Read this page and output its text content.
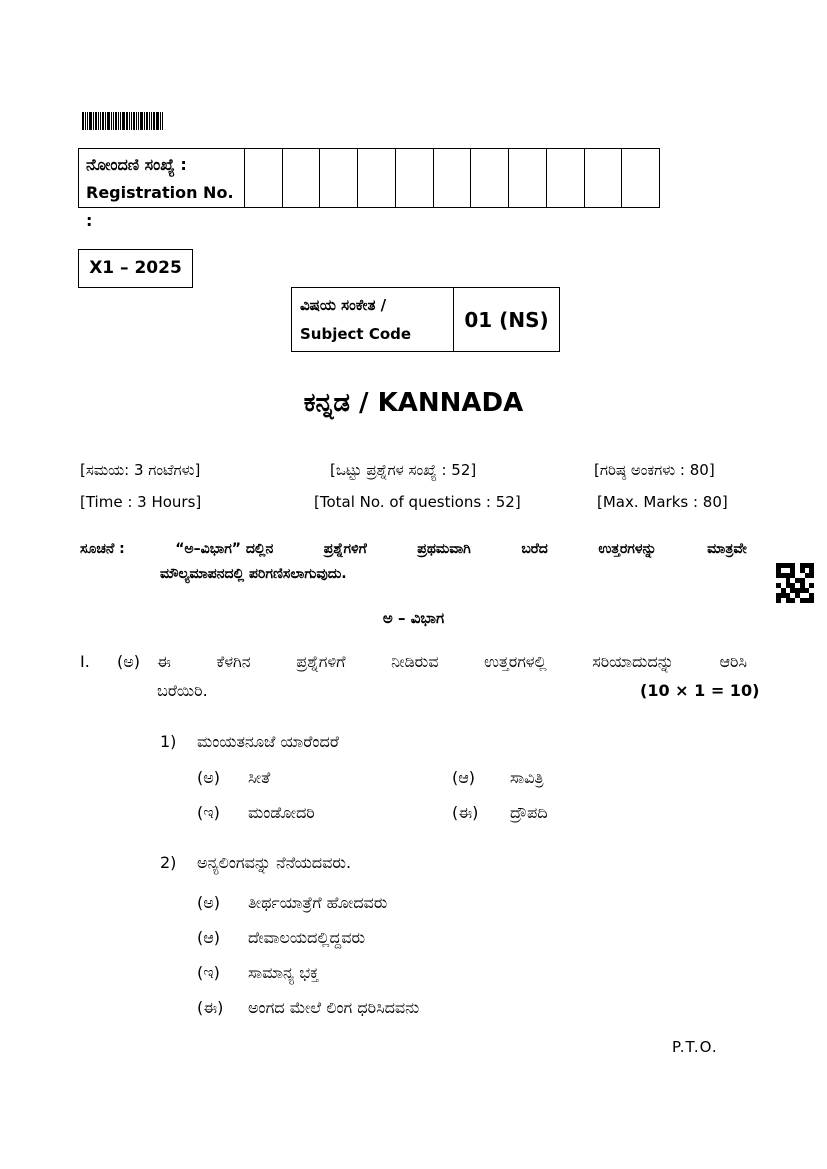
ನೋಂದಣಿ ಸಂಖ್ಯೆ :
Registration No. :
X1 – 2025
ವಿಷಯ ಸಂಕೇತ /
Subject Code
01 (NS)
ಕನ್ನಡ / KANNADA
[ಸಮಯ: 3 ಗಂಟೆಗಳು]	[ಒಟ್ಟು ಪ್ರಶ್ನೆಗಳ ಸಂಖ್ಯೆ : 52]	[ಗರಿಷ್ಠ ಅಂಕಗಳು : 80]
[Time : 3 Hours]	[Total No. of questions : 52]	[Max. Marks : 80]
ಸೂಚನೆ :	“ಅ–ವಿಭಾಗ” ದಲ್ಲಿನ	ಪ್ರಶ್ನೆಗಳಿಗೆ	ಪ್ರಥಮವಾಗಿ	ಬರೆದ	ಉತ್ತರಗಳನ್ನು	ಮಾತ್ರವೇ
ಮೌಲ್ಯಮಾಪನದಲ್ಲಿ ಪರಿಗಣಿಸಲಾಗುವುದು.
ಅ – ವಿಭಾಗ
I. (ಅ) ಈ	ಕೆಳಗಿನ	ಪ್ರಶ್ನೆಗಳಿಗೆ	ನೀಡಿರುವ	ಉತ್ತರಗಳಲ್ಲಿ	ಸರಿಯಾದುದನ್ನು	ಆರಿಸಿ
ಬರೆಯಿರಿ.	(10 × 1 = 10)
1) ಮಂಯತನೂಜೆ ಯಾರೆಂದರೆ
(ಅ) ಸೀತೆ	(ಆ) ಸಾವಿತ್ರಿ
(ಇ) ಮಂಡೋದರಿ	(ಈ) ದ್ರೌಪದಿ
2) ಅನ್ಯಲಿಂಗವನ್ನು ನೆನೆಯದವರು.
(ಅ) ತೀರ್ಥಯಾತ್ರೆಗೆ ಹೋದವರು
(ಆ) ದೇವಾಲಯದಲ್ಲಿದ್ದವರು
(ಇ) ಸಾಮಾನ್ಯ ಭಕ್ತ
(ಈ) ಅಂಗದ ಮೇಲೆ ಲಿಂಗ ಧರಿಸಿದವನು
P.T.O.
